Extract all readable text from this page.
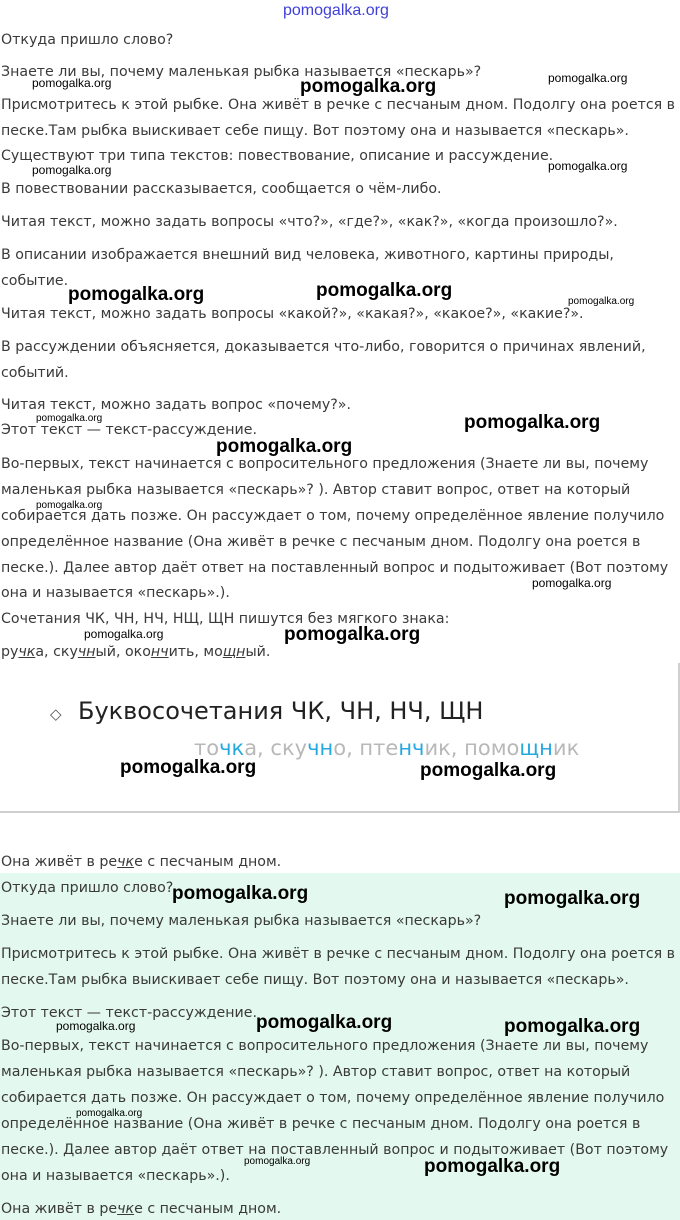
pomogalka.org
Откуда пришло слово?
Знаете ли вы, почему маленькая рыбка называется «пескарь»?
Присмотритесь к этой рыбке. Она живёт в речке с песчаным дном. Подолгу она роется в
песке.Там рыбка выискивает себе пищу. Вот поэтому она и называется «пескарь».
Существуют три типа текстов: повествование, описание и рассуждение.
В повествовании рассказывается, сообщается о чём-либо.
Читая текст, можно задать вопросы «что?», «где?», «как?», «когда произошло?».
В описании изображается внешний вид человека, животного, картины природы,
событие.
Читая текст, можно задать вопросы «какой?», «какая?», «какое?», «какие?».
В рассуждении объясняется, доказывается что-либо, говорится о причинах явлений,
событий.
Читая текст, можно задать вопрос «почему?».
Этот текст — текст-рассуждение.
Во-первых, текст начинается с вопросительного предложения (Знаете ли вы, почему
маленькая рыбка называется «пескарь»? ). Автор ставит вопрос, ответ на который
собирается дать позже. Он рассуждает о том, почему определённое явление получило
определённое название (Она живёт в речке с песчаным дном. Подолгу она роется в
песке.). Далее автор даёт ответ на поставленный вопрос и подытоживает (Вот поэтому
она и называется «пескарь».).
Сочетания ЧК, ЧН, НЧ, НЩ, ЩН пишутся без мягкого знака:
ручка, скучный, окончить, мощный.
◇ Буквосочетания ЧК, ЧН, НЧ, ЩН
точка, скучно, птенчик, помощник
Она живёт в речке с песчаным дном.
Откуда пришло слово?
Знаете ли вы, почему маленькая рыбка называется «пескарь»?
Присмотритесь к этой рыбке. Она живёт в речке с песчаным дном. Подолгу она роется в
песке.Там рыбка выискивает себе пищу. Вот поэтому она и называется «пескарь».
Этот текст — текст-рассуждение.
Во-первых, текст начинается с вопросительного предложения (Знаете ли вы, почему
маленькая рыбка называется «пескарь»? ). Автор ставит вопрос, ответ на который
собирается дать позже. Он рассуждает о том, почему определённое явление получило
определённое название (Она живёт в речке с песчаным дном. Подолгу она роется в
песке.). Далее автор даёт ответ на поставленный вопрос и подытоживает (Вот поэтому
она и называется «пескарь».).
Она живёт в речке с песчаным дном.
pomogalka.org	pomogalka.org	pomogalka.org
pomogalka.org	pomogalka.org
pomogalka.org	pomogalka.org
pomogalka.org
pomogalka.org	pomogalka.org
pomogalka.org
pomogalka.org
pomogalka.org
pomogalka.org	pomogalka.org
pomogalka.org	pomogalka.org
pomogalka.org	pomogalka.org
pomogalka.org	pomogalka.org	pomogalka.org
pomogalka.org
pomogalka.org	pomogalka.org
